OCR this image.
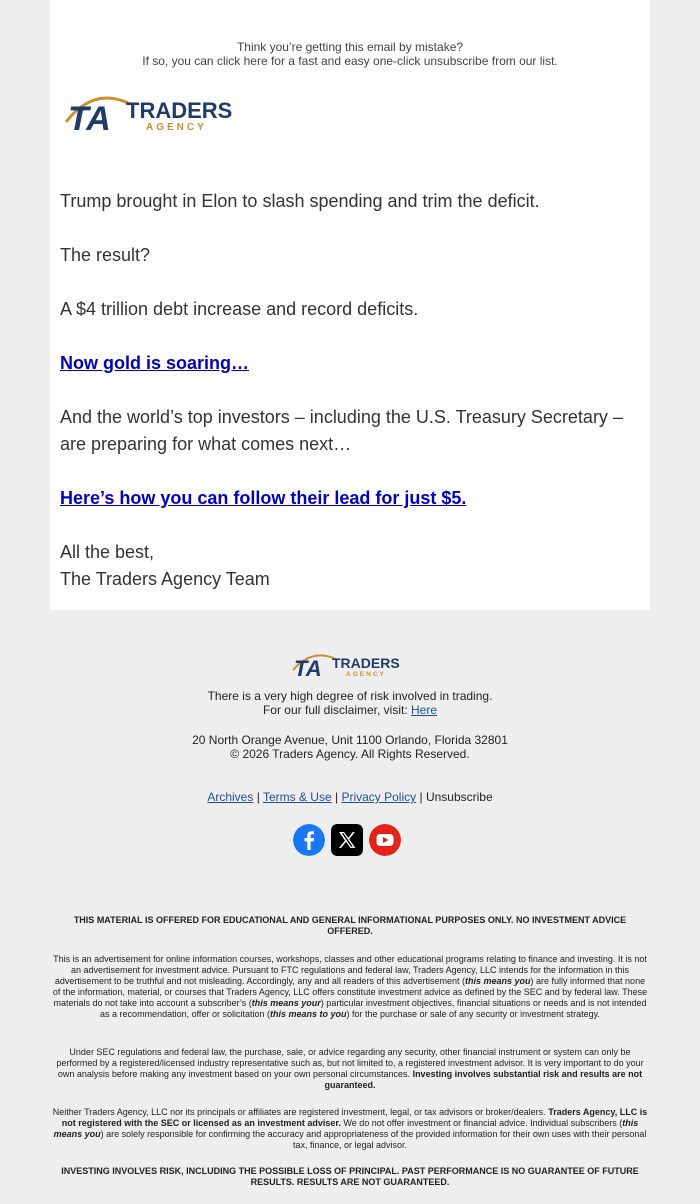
Think you’re getting this email by mistake?
If so, you can click here for a fast and easy one-click unsubscribe from our list.
TA TRADERS
AGENCY

Trump brought in Elon to slash spending and trim the deficit.

The result?

A $4 trillion debt increase and record deficits.

Now gold is soaring…

And the world’s top investors – including the U.S. Treasury Secretary – are preparing for what comes next…

Here’s how you can follow their lead for just $5.

All the best,

The Traders Agency Team

TA TRADERS
AGENCY
There is a very high degree of risk involved in trading.
For our full disclaimer, visit: Here
20 North Orange Avenue, Unit 1100 Orlando, Florida 32801
© 2026 Traders Agency. All Rights Reserved.
Archives | Terms & Use | Privacy Policy | Unsubscribe
THIS MATERIAL IS OFFERED FOR EDUCATIONAL AND GENERAL INFORMATIONAL PURPOSES ONLY. NO INVESTMENT ADVICE OFFERED.
This is an advertisement for online information courses, workshops, classes and other educational programs relating to finance and investing. It is not an advertisement for investment advice. Pursuant to FTC regulations and federal law, Traders Agency, LLC intends for the information in this advertisement to be truthful and not misleading. Accordingly, any and all readers of this advertisement (this means you) are fully informed that none of the information, material, or courses that Traders Agency, LLC offers constitute investment advice as defined by the SEC and by federal law. These materials do not take into account a subscriber’s (this means your) particular investment objectives, financial situations or needs and is not intended as a recommendation, offer or solicitation (this means to you) for the purchase or sale of any security or investment strategy.
Under SEC regulations and federal law, the purchase, sale, or advice regarding any security, other financial instrument or system can only be performed by a registered/licensed industry representative such as, but not limited to, a registered investment advisor. It is very important to do your own analysis before making any investment based on your own personal circumstances. Investing involves substantial risk and results are not guaranteed.
Neither Traders Agency, LLC nor its principals or affiliates are registered investment, legal, or tax advisors or broker/dealers. Traders Agency, LLC is not registered with the SEC or licensed as an investment adviser. We do not offer investment or financial advice. Individual subscribers (this means you) are solely responsible for confirming the accuracy and appropriateness of the provided information for their own uses with their personal tax, finance, or legal advisor.
INVESTING INVOLVES RISK, INCLUDING THE POSSIBLE LOSS OF PRINCIPAL. PAST PERFORMANCE IS NO GUARANTEE OF FUTURE RESULTS. RESULTS ARE NOT GUARANTEED.
